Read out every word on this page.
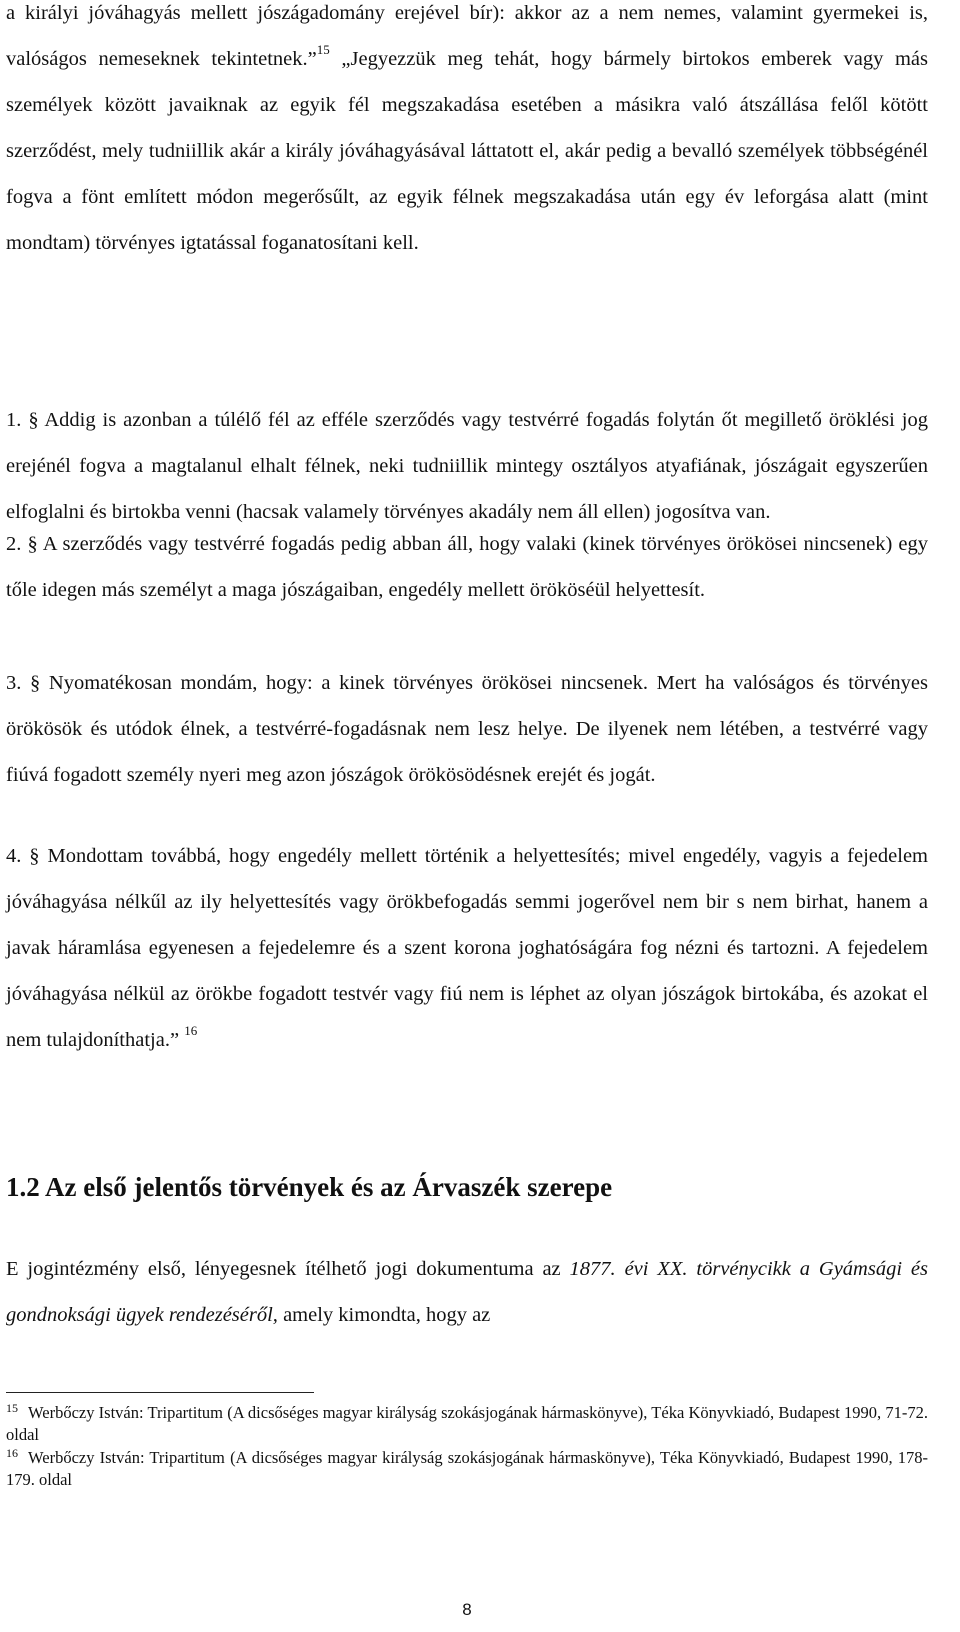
a királyi jóváhagyás mellett jószágadomány erejével bír): akkor az a nem nemes, valamint gyermekei is, valóságos nemeseknek tekintetnek.”$^{15}$ „Jegyezzük meg tehát, hogy bármely birtokos emberek vagy más személyek között javaiknak az egyik fél megszakadása esetében a másikra való átszállása felől kötött szerződést, mely tudniillik akár a király jóváhagyásával láttatott el, akár pedig a bevalló személyek többségénél fogva a fönt említett módon megerősűlt, az egyik félnek megszakadása után egy év leforgása alatt (mint mondtam) törvényes igtatással foganatosítani kell.

1. § Addig is azonban a túlélő fél az efféle szerződés vagy testvérré fogadás folytán őt megillető öröklési jog erejénél fogva a magtalanul elhalt félnek, neki tudniillik mintegy osztályos atyafiának, jószágait egyszerűen elfoglalni és birtokba venni (hacsak valamely törvényes akadály nem áll ellen) jogosítva van.

2. § A szerződés vagy testvérré fogadás pedig abban áll, hogy valaki (kinek törvényes örökösei nincsenek) egy tőle idegen más személyt a maga jószágaiban, engedély mellett örököséül helyettesít.

3. § Nyomatékosan mondám, hogy: a kinek törvényes örökösei nincsenek. Mert ha valóságos és törvényes örökösök és utódok élnek, a testvérré-fogadásnak nem lesz helye. De ilyenek nem létében, a testvérré vagy fiúvá fogadott személy nyeri meg azon jószágok örökösödésnek erejét és jogát.

4. § Mondottam továbbá, hogy engedély mellett történik a helyettesítés; mivel engedély, vagyis a fejedelem jóváhagyása nélkűl az ily helyettesítés vagy örökbefogadás semmi jogerővel nem bir s nem birhat, hanem a javak háramlása egyenesen a fejedelemre és a szent korona joghatóságára fog nézni és tartozni. A fejedelem jóváhagyása nélkül az örökbe fogadott testvér vagy fiú nem is léphet az olyan jószágok birtokába, és azokat el nem tulajdoníthatja.” $^{16}$

1.2 Az első jelentős törvények és az Árvaszék szerepe

E jogintézmény első, lényegesnek ítélhető jogi dokumentuma az 1877. évi XX. törvénycikk a Gyámsági és gondnoksági ügyek rendezéséről, amely kimondta, hogy az

$^{15}$ Werbőczy István: Tripartitum (A dicsőséges magyar királyság szokásjogának hármaskönyve), Téka Könyvkiadó, Budapest 1990, 71-72. oldal

$^{16}$ Werbőczy István: Tripartitum (A dicsőséges magyar királyság szokásjogának hármaskönyve), Téka Könyvkiadó, Budapest 1990, 178-179. oldal

8
